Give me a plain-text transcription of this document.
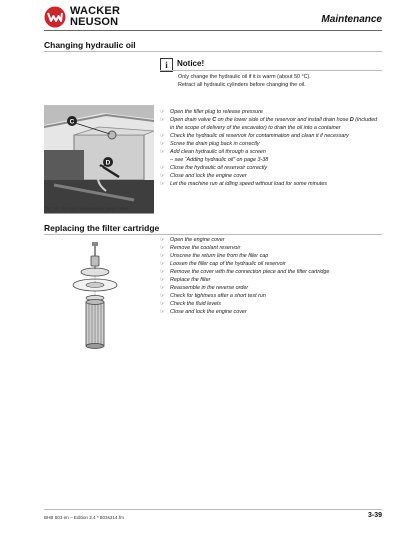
WACKER
NEUSON	Maintenance
Changing hydraulic oil
i	Notice!
Only change the hydraulic oil if it is warm (about 50 °C).
Retract all hydraulic cylinders before changing the oil.
C
D
Fig. 30: Hydraulic oil reservoir drain valve
☞ Open the filler plug to release pressure
☞ Open drain valve C on the lower side of the reservoir and install drain hose D (included in the scope of delivery of the excavator) to drain the oil into a container
☞ Check the hydraulic oil reservoir for contamination and clean it if necessary
☞ Screw the drain plug back in correctly
☞ Add clean hydraulic oil through a screen
– see “Adding hydraulic oil” on page 3-38
☞ Close the hydraulic oil reservoir correctly
☞ Close and lock the engine cover
☞ Let the machine run at idling speed without load for some minutes
Replacing the filter cartridge
☞ Open the engine cover
☞ Remove the coolant reservoir
☞ Unscrew the return line from the filler cap
☞ Loosen the filler cap of the hydraulic oil reservoir
☞ Remove the cover with the connection piece and the filter cartridge
☞ Replace the filter
☞ Reassemble in the reverse order
☞ Check for tightness after a short test run
☞ Check the fluid levels
☞ Close and lock the engine cover
BHB 503 en – Edition 2.4 * 803s314.fm	3-39
